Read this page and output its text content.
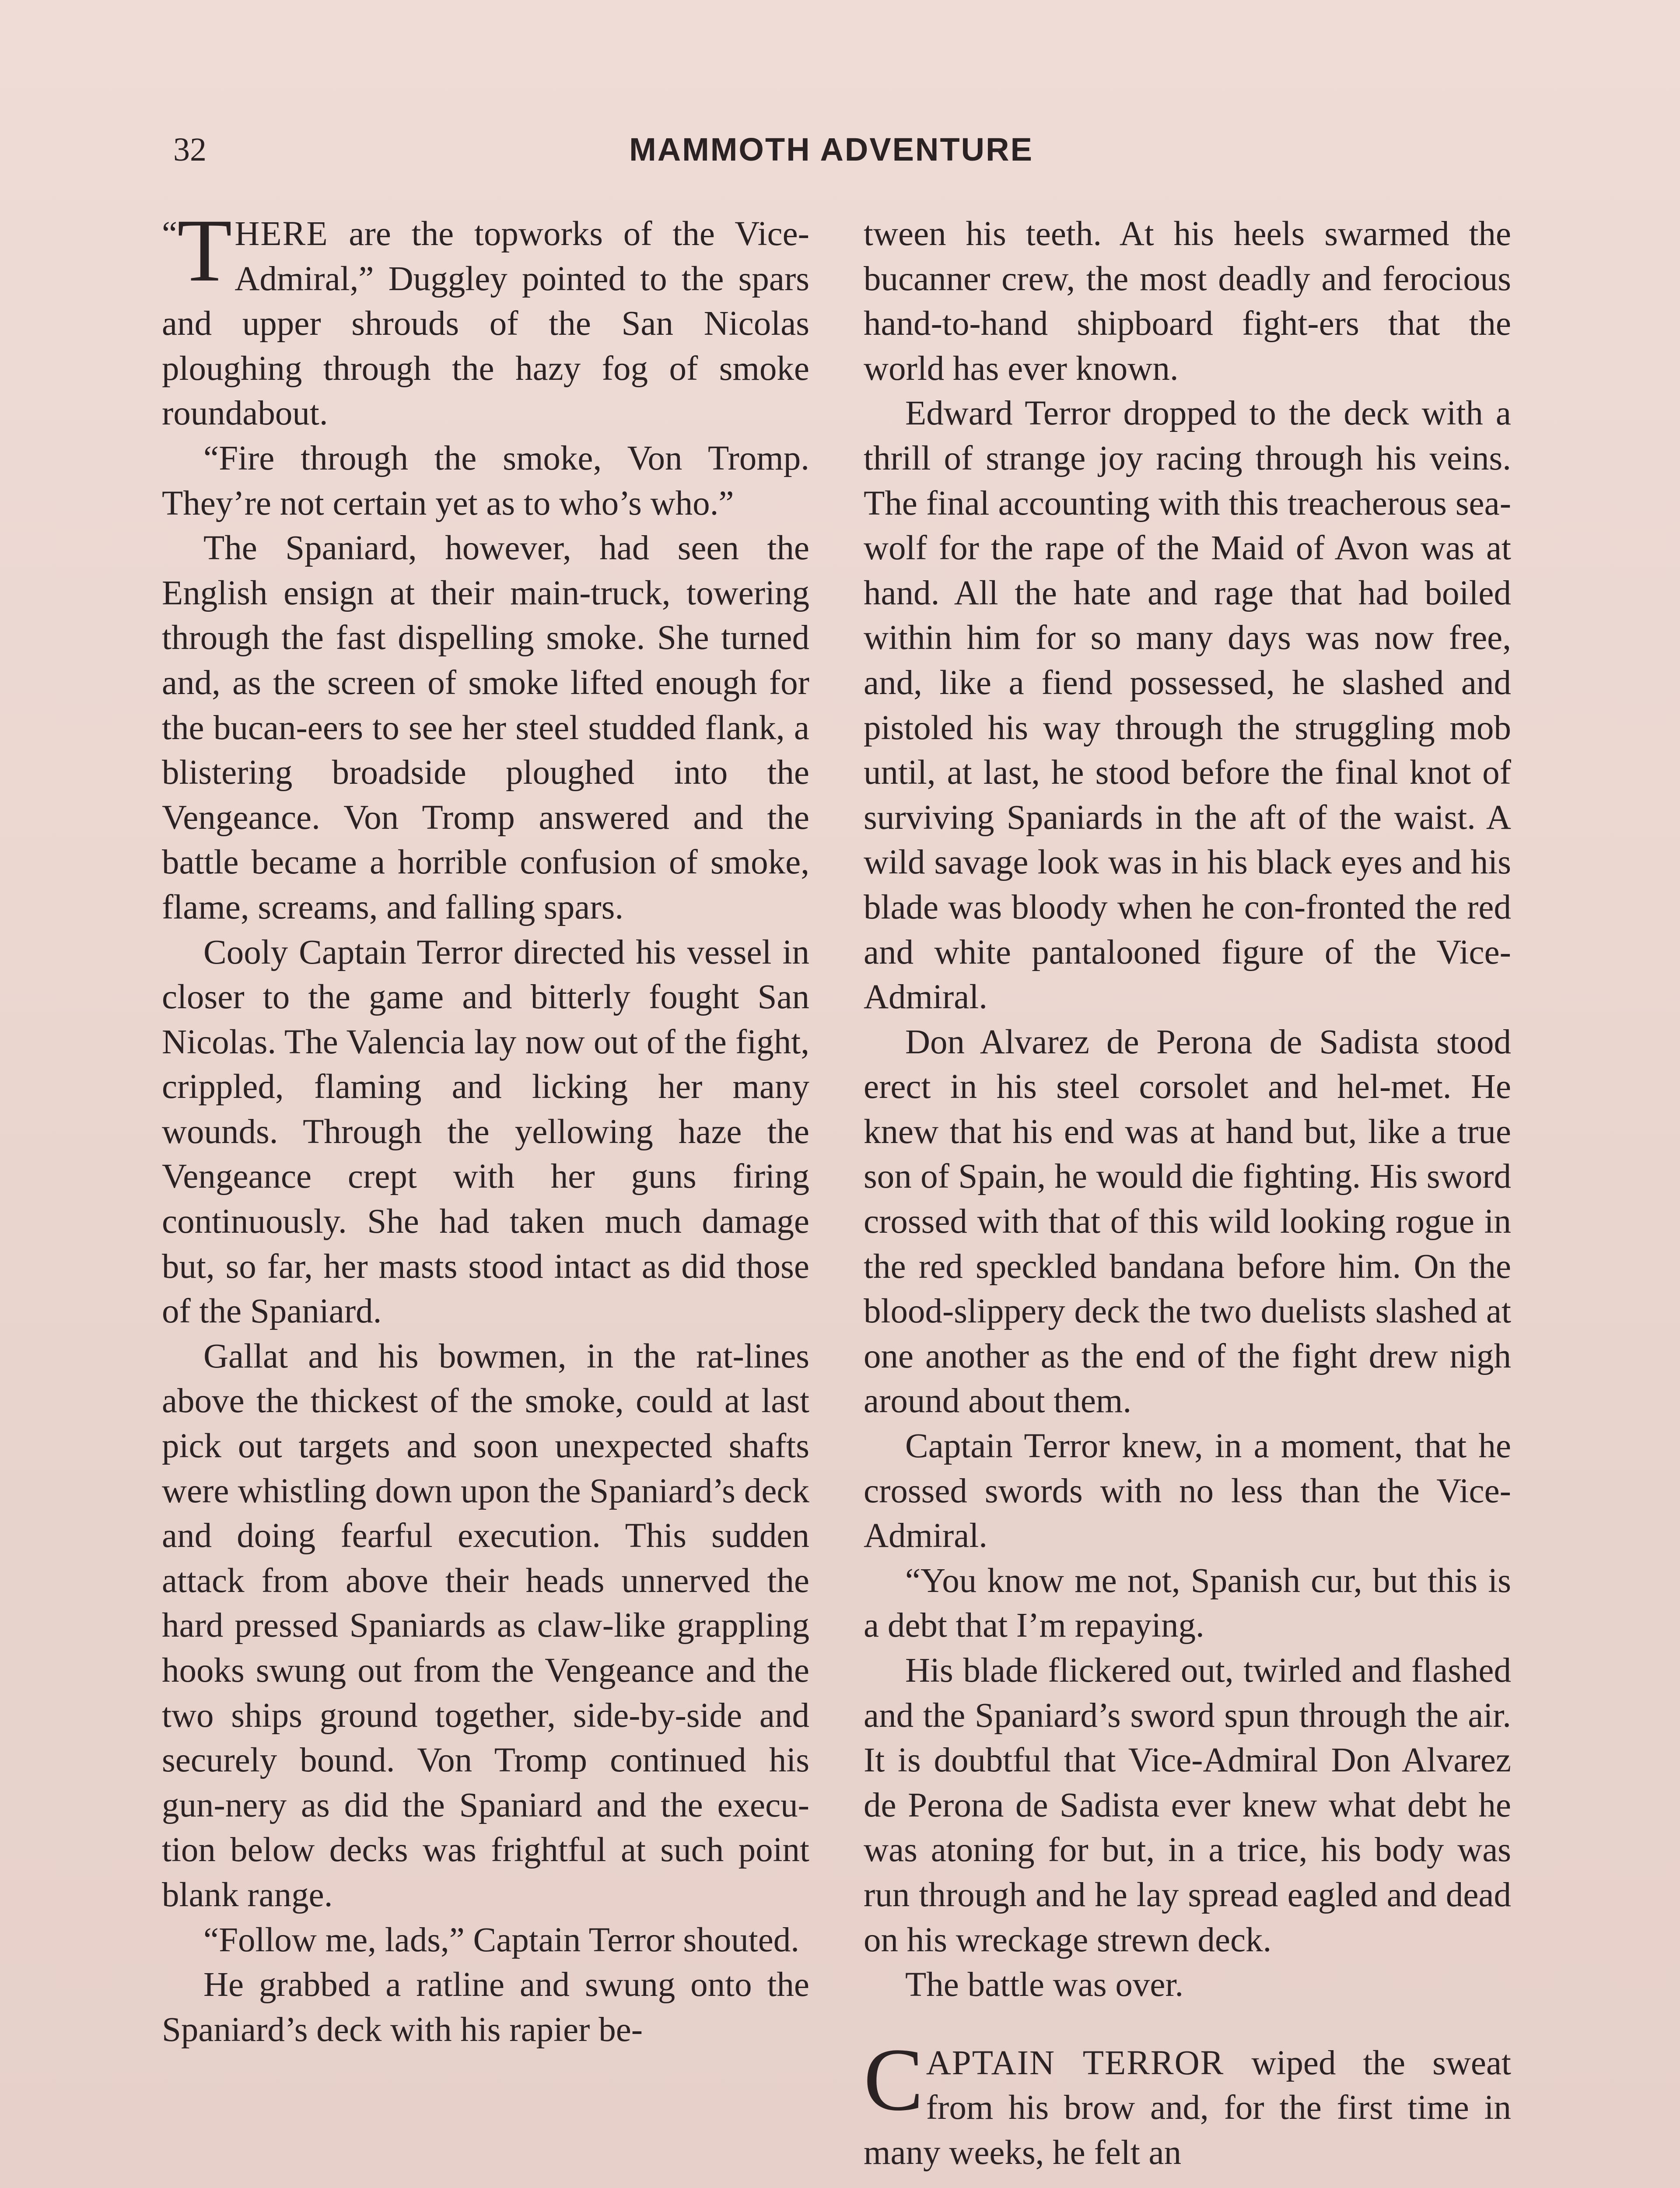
32	MAMMOTH ADVENTURE

“ T HERE are the topworks of the Vice-Admiral,” Duggley pointed to the spars and upper shrouds of the San Nicolas ploughing through the hazy fog of smoke roundabout.

“Fire through the smoke, Von Tromp. They’re not certain yet as to who’s who.”

The Spaniard, however, had seen the English ensign at their main-truck, towering through the fast dispelling smoke. She turned and, as the screen of smoke lifted enough for the bucan-eers to see her steel studded flank, a blistering broadside ploughed into the Vengeance. Von Tromp answered and the battle became a horrible confusion of smoke, flame, screams, and falling spars.

Cooly Captain Terror directed his vessel in closer to the game and bitterly fought San Nicolas. The Valencia lay now out of the fight, crippled, flaming and licking her many wounds. Through the yellowing haze the Vengeance crept with her guns firing continuously. She had taken much damage but, so far, her masts stood intact as did those of the Spaniard.

Gallat and his bowmen, in the rat-lines above the thickest of the smoke, could at last pick out targets and soon unexpected shafts were whistling down upon the Spaniard’s deck and doing fearful execution. This sudden attack from above their heads unnerved the hard pressed Spaniards as claw-like grappling hooks swung out from the Vengeance and the two ships ground together, side-by-side and securely bound. Von Tromp continued his gun-nery as did the Spaniard and the execu-tion below decks was frightful at such point blank range.

“Follow me, lads,” Captain Terror shouted.

He grabbed a ratline and swung onto the Spaniard’s deck with his rapier be-

tween his teeth. At his heels swarmed the bucanner crew, the most deadly and ferocious hand-to-hand shipboard fight-ers that the world has ever known.

Edward Terror dropped to the deck with a thrill of strange joy racing through his veins. The final accounting with this treacherous sea-wolf for the rape of the Maid of Avon was at hand. All the hate and rage that had boiled within him for so many days was now free, and, like a fiend possessed, he slashed and pistoled his way through the struggling mob until, at last, he stood before the final knot of surviving Spaniards in the aft of the waist. A wild savage look was in his black eyes and his blade was bloody when he con-fronted the red and white pantalooned figure of the Vice-Admiral.

Don Alvarez de Perona de Sadista stood erect in his steel corsolet and hel-met. He knew that his end was at hand but, like a true son of Spain, he would die fighting. His sword crossed with that of this wild looking rogue in the red speckled bandana before him. On the blood-slippery deck the two duelists slashed at one another as the end of the fight drew nigh around about them.

Captain Terror knew, in a moment, that he crossed swords with no less than the Vice-Admiral.

“You know me not, Spanish cur, but this is a debt that I’m repaying.

His blade flickered out, twirled and flashed and the Spaniard’s sword spun through the air. It is doubtful that Vice-Admiral Don Alvarez de Perona de Sadista ever knew what debt he was atoning for but, in a trice, his body was run through and he lay spread eagled and dead on his wreckage strewn deck.

The battle was over.

CAPTAIN TERROR wiped the sweat from his brow and, for the first time in many weeks, he felt an
